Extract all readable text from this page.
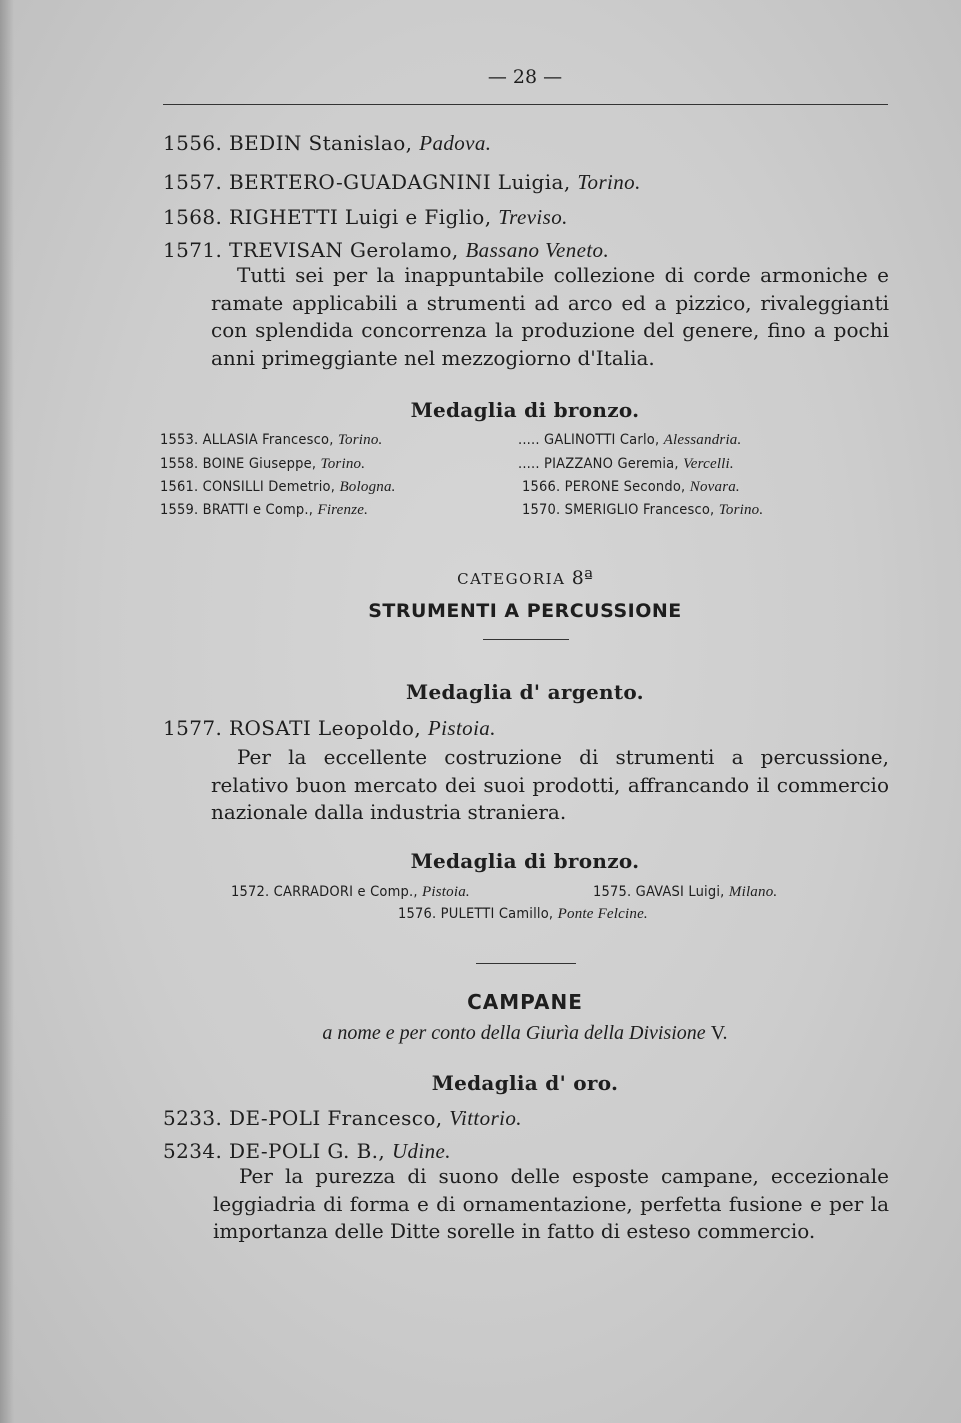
— 28 —
1556. BEDIN Stanislao, Padova.
1557. BERTERO-GUADAGNINI Luigia, Torino.
1568. RIGHETTI Luigi e Figlio, Treviso.
1571. TREVISAN Gerolamo, Bassano Veneto.

Tutti sei per la inappuntabile collezione di corde armoniche e ramate applicabili a strumenti ad arco ed a pizzico, rivaleggianti con splendida concorrenza la produzione del genere, fino a pochi anni primeggiante nel mezzogiorno d'Italia.

Medaglia di bronzo.
1553. ALLASIA Francesco, Torino.
1558. BOINE Giuseppe, Torino.
1561. CONSILLI Demetrio, Bologna.
1559. BRATTI e Comp., Firenze.
..... GALINOTTI Carlo, Alessandria.
..... PIAZZANO Geremia, Vercelli.
1566. PERONE Secondo, Novara.
1570. SMERIGLIO Francesco, Torino.
CATEGORIA 8ª
STRUMENTI A PERCUSSIONE
Medaglia d' argento.
1577. ROSATI Leopoldo, Pistoia.

Per la eccellente costruzione di strumenti a percussione, relativo buon mercato dei suoi prodotti, affrancando il commercio nazionale dalla industria straniera.

Medaglia di bronzo.
1572. CARRADORI e Comp., Pistoia.	1575. GAVASI Luigi, Milano.
1576. PULETTI Camillo, Ponte Felcine.
CAMPANE
a nome e per conto della Giurìa della Divisione V.
Medaglia d' oro.
5233. DE-POLI Francesco, Vittorio.
5234. DE-POLI G. B., Udine.

Per la purezza di suono delle esposte campane, eccezionale leggiadria di forma e di ornamentazione, perfetta fusione e per la importanza delle Ditte sorelle in fatto di esteso commercio.
